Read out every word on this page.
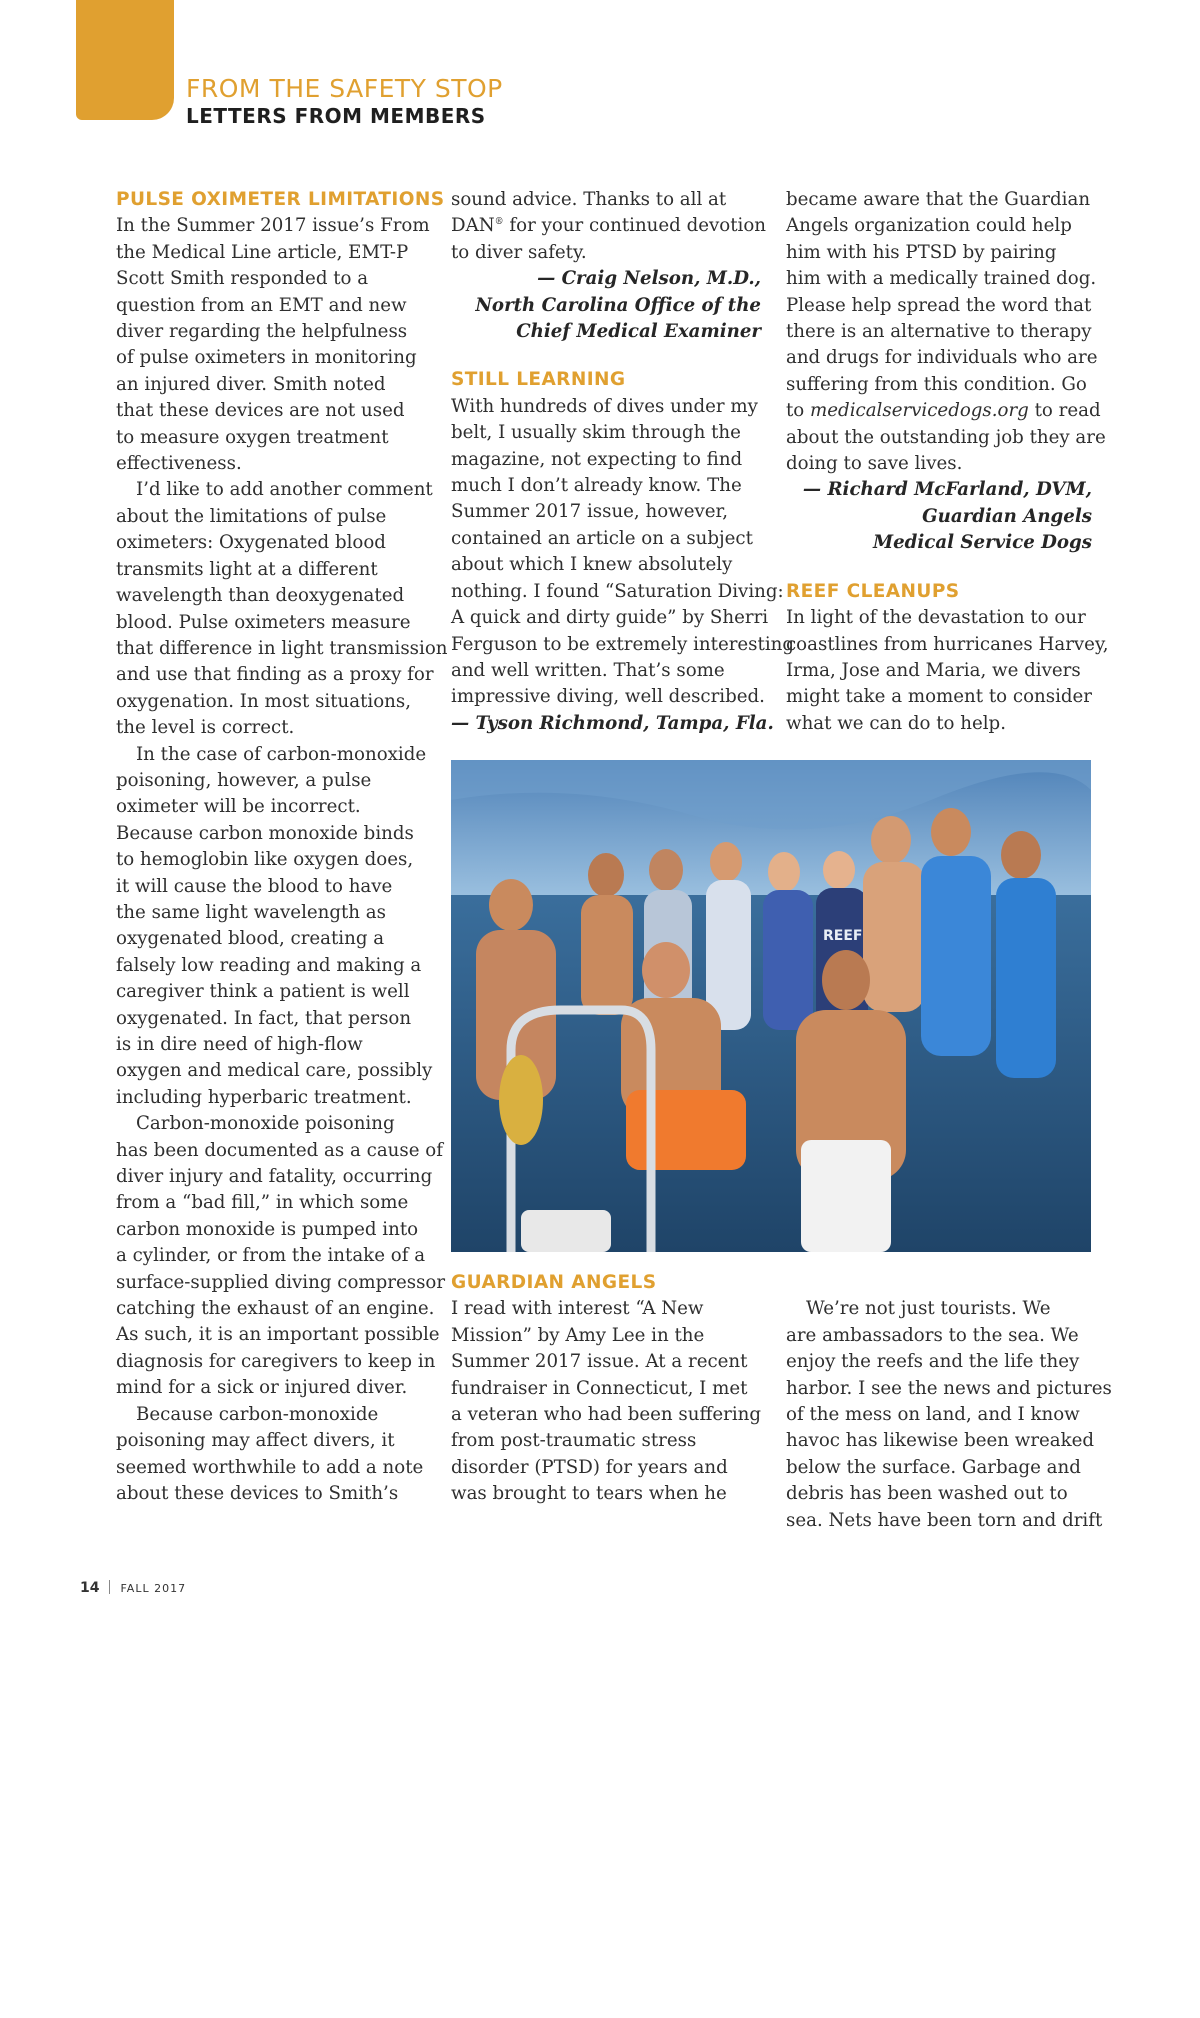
FROM THE SAFETY STOP
LETTERS FROM MEMBERS
PULSE OXIMETER LIMITATIONS
In the Summer 2017 issue’s From
the Medical Line article, EMT-P
Scott Smith responded to a
question from an EMT and new
diver regarding the helpfulness
of pulse oximeters in monitoring
an injured diver. Smith noted
that these devices are not used
to measure oxygen treatment
effectiveness.
I’d like to add another comment
about the limitations of pulse
oximeters: Oxygenated blood
transmits light at a different
wavelength than deoxygenated
blood. Pulse oximeters measure
that difference in light transmission
and use that finding as a proxy for
oxygenation. In most situations,
the level is correct.
In the case of carbon-monoxide
poisoning, however, a pulse
oximeter will be incorrect.
Because carbon monoxide binds
to hemoglobin like oxygen does,
it will cause the blood to have
the same light wavelength as
oxygenated blood, creating a
falsely low reading and making a
caregiver think a patient is well
oxygenated. In fact, that person
is in dire need of high-flow
oxygen and medical care, possibly
including hyperbaric treatment.
Carbon-monoxide poisoning
has been documented as a cause of
diver injury and fatality, occurring
from a “bad fill,” in which some
carbon monoxide is pumped into
a cylinder, or from the intake of a
surface-supplied diving compressor
catching the exhaust of an engine.
As such, it is an important possible
diagnosis for caregivers to keep in
mind for a sick or injured diver.
Because carbon-monoxide
poisoning may affect divers, it
seemed worthwhile to add a note
about these devices to Smith’s
sound advice. Thanks to all at
DAN® for your continued devotion
to diver safety.
— Craig Nelson, M.D.,
North Carolina Office of the
Chief Medical Examiner
STILL LEARNING
With hundreds of dives under my
belt, I usually skim through the
magazine, not expecting to find
much I don’t already know. The
Summer 2017 issue, however,
contained an article on a subject
about which I knew absolutely
nothing. I found “Saturation Diving:
A quick and dirty guide” by Sherri
Ferguson to be extremely interesting
and well written. That’s some
impressive diving, well described.
— Tyson Richmond, Tampa, Fla.
became aware that the Guardian
Angels organization could help
him with his PTSD by pairing
him with a medically trained dog.
Please help spread the word that
there is an alternative to therapy
and drugs for individuals who are
suffering from this condition. Go
to medicalservicedogs.org to read
about the outstanding job they are
doing to save lives.
— Richard McFarland, DVM,
Guardian Angels
Medical Service Dogs
REEF CLEANUPS
In light of the devastation to our
coastlines from hurricanes Harvey,
Irma, Jose and Maria, we divers
might take a moment to consider
what we can do to help.
REEF
BRIAN HELLEMN
GUARDIAN ANGELS
I read with interest “A New
Mission” by Amy Lee in the
Summer 2017 issue. At a recent
fundraiser in Connecticut, I met
a veteran who had been suffering
from post-traumatic stress
disorder (PTSD) for years and
was brought to tears when he
We’re not just tourists. We
are ambassadors to the sea. We
enjoy the reefs and the life they
harbor. I see the news and pictures
of the mess on land, and I know
havoc has likewise been wreaked
below the surface. Garbage and
debris has been washed out to
sea. Nets have been torn and drift
14 FALL 2017
